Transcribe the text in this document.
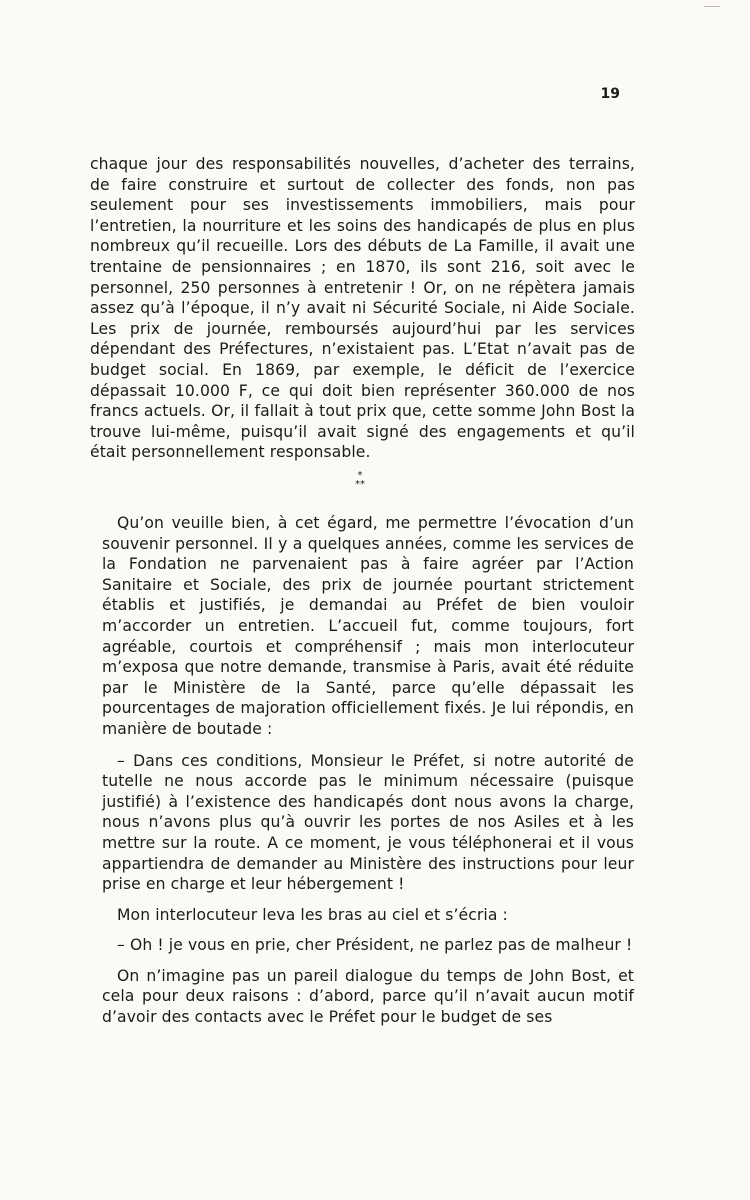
19

chaque jour des responsabilités nouvelles, d’acheter des terrains, de faire construire et surtout de collecter des fonds, non pas seulement pour ses investissements immobiliers, mais pour l’entretien, la nourriture et les soins des handicapés de plus en plus nombreux qu’il recueille. Lors des débuts de La Famille, il avait une trentaine de pensionnaires ; en 1870, ils sont 216, soit avec le personnel, 250 personnes à entretenir ! Or, on ne répètera jamais assez qu’à l’époque, il n’y avait ni Sécurité Sociale, ni Aide Sociale. Les prix de journée, remboursés aujourd’hui par les services dépendant des Préfectures, n’existaient pas. L’Etat n’avait pas de budget social. En 1869, par exemple, le déficit de l’exercice dépassait 10.000 F, ce qui doit bien représenter 360.000 de nos francs actuels. Or, il fallait à tout prix que, cette somme John Bost la trouve lui-même, puisqu’il avait signé des engagements et qu’il était personnellement responsable.

*
**

Qu’on veuille bien, à cet égard, me permettre l’évocation d’un souvenir personnel. Il y a quelques années, comme les services de la Fondation ne parvenaient pas à faire agréer par l’Action Sanitaire et Sociale, des prix de journée pourtant strictement établis et justifiés, je demandai au Préfet de bien vouloir m’accorder un entretien. L’accueil fut, comme toujours, fort agréable, courtois et compréhensif ; mais mon interlocuteur m’exposa que notre demande, transmise à Paris, avait été réduite par le Ministère de la Santé, parce qu’elle dépassait les pourcentages de majoration officiellement fixés. Je lui répondis, en manière de boutade :

– Dans ces conditions, Monsieur le Préfet, si notre autorité de tutelle ne nous accorde pas le minimum nécessaire (puisque justifié) à l’existence des handicapés dont nous avons la charge, nous n’avons plus qu’à ouvrir les portes de nos Asiles et à les mettre sur la route. A ce moment, je vous téléphonerai et il vous appartiendra de demander au Ministère des instructions pour leur prise en charge et leur hébergement !

Mon interlocuteur leva les bras au ciel et s’écria :

– Oh ! je vous en prie, cher Président, ne parlez pas de malheur !

On n’imagine pas un pareil dialogue du temps de John Bost, et cela pour deux raisons : d’abord, parce qu’il n’avait aucun motif d’avoir des contacts avec le Préfet pour le budget de ses
